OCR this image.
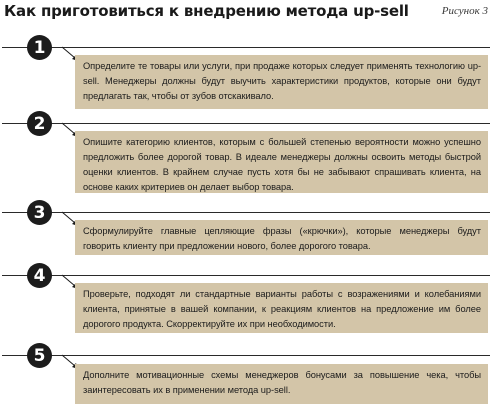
Как приготовиться к внедрению метода up-sell	Рисунок 3
1
Определите те товары или услуги, при продаже которых следует применять технологию up-sell. Менеджеры должны будут выучить характеристики продуктов, которые они будут предлагать так, чтобы от зубов отскакивало.
2
Опишите категорию клиентов, которым с большей степенью вероятности можно успешно предложить более дорогой товар. В идеале менеджеры должны освоить методы быстрой оценки клиентов. В крайнем случае пусть хотя бы не забывают спрашивать клиента, на основе каких критериев он делает выбор товара.
3
Сформулируйте главные цепляющие фразы («крючки»), которые менеджеры будут говорить клиенту при предложении нового, более дорогого товара.
4
Проверьте, подходят ли стандартные варианты работы с возражениями и колебаниями клиента, принятые в вашей компании, к реакциям клиентов на предложение им более дорогого продукта. Скорректируйте их при необходимости.
5
Дополните мотивационные схемы менеджеров бонусами за повышение чека, чтобы заинтересовать их в применении метода up-sell.
